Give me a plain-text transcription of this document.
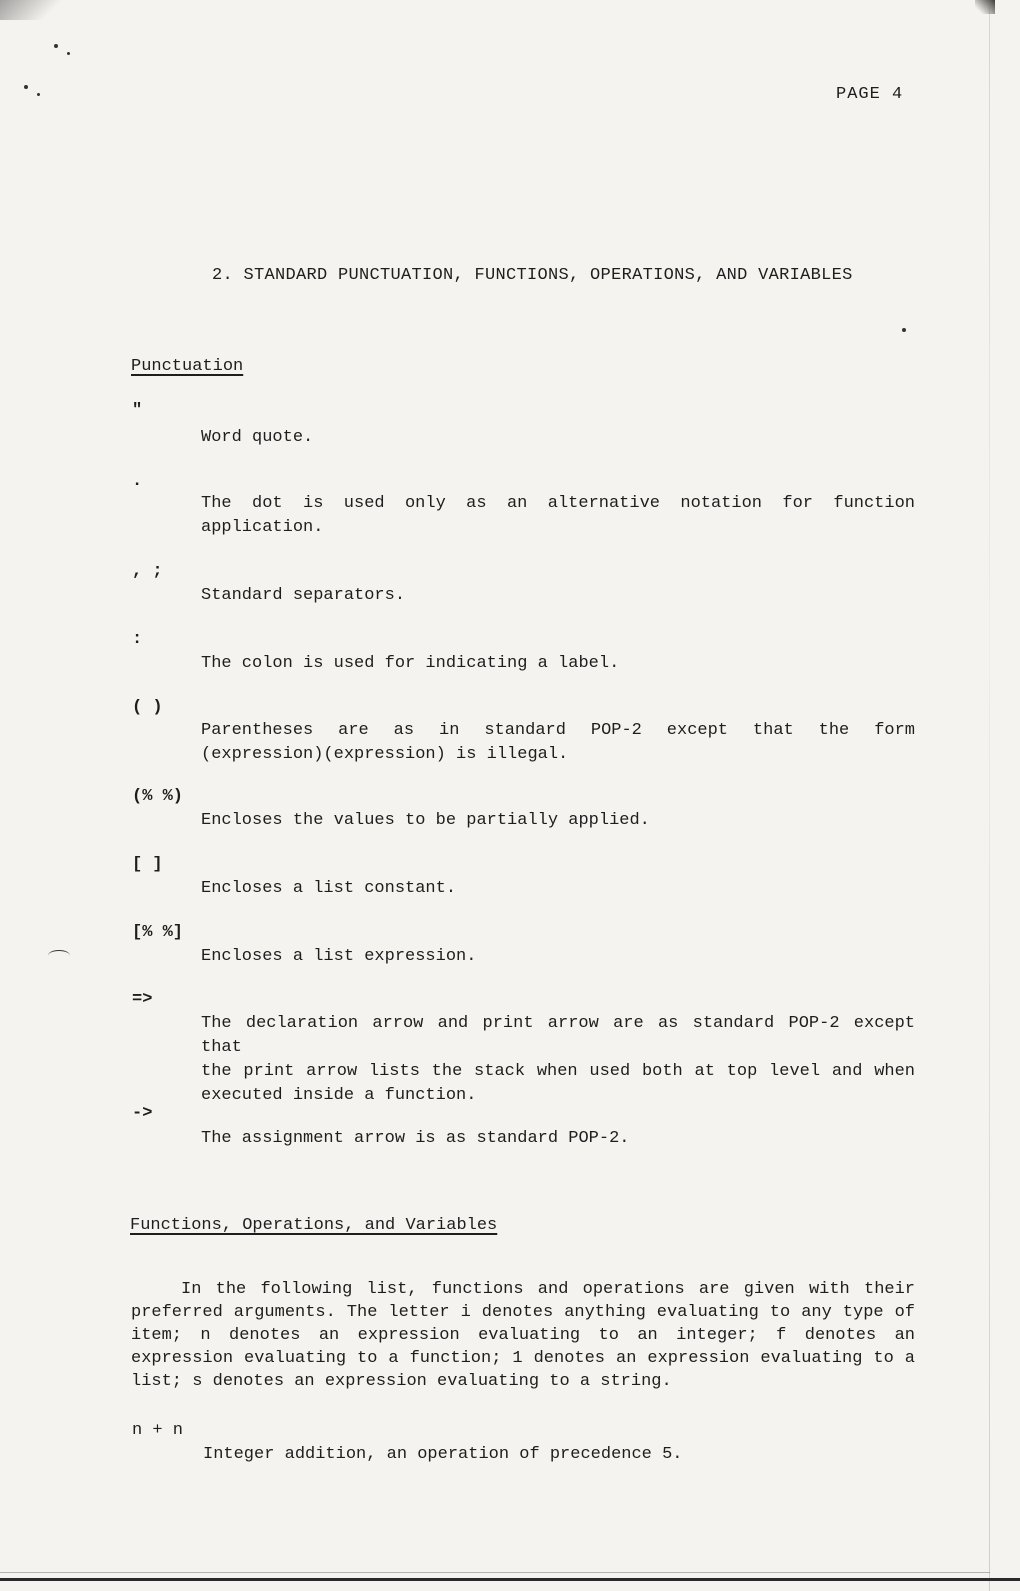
PAGE 4
2. STANDARD PUNCTUATION, FUNCTIONS, OPERATIONS, AND VARIABLES
Punctuation
"
Word quote.
.
The dot is used only as an alternative notation for function
application.
, ;
Standard separators.
:
The colon is used for indicating a label.
( )
Parentheses are as in standard POP-2 except that the form
(expression)(expression) is illegal.
(% %)
Encloses the values to be partially applied.
[ ]
Encloses a list constant.
[% %]
Encloses a list expression.
=>
The declaration arrow and print arrow are as standard POP-2 except that
the print arrow lists the stack when used both at top level and when
executed inside a function.
->
The assignment arrow is as standard POP-2.
Functions, Operations, and Variables
In the following list, functions and operations are given with their
preferred arguments. The letter i denotes anything evaluating to any type of
item; n denotes an expression evaluating to an integer; f denotes an
expression evaluating to a function; 1 denotes an expression evaluating to a
list; s denotes an expression evaluating to a string.
n + n
Integer addition, an operation of precedence 5.
